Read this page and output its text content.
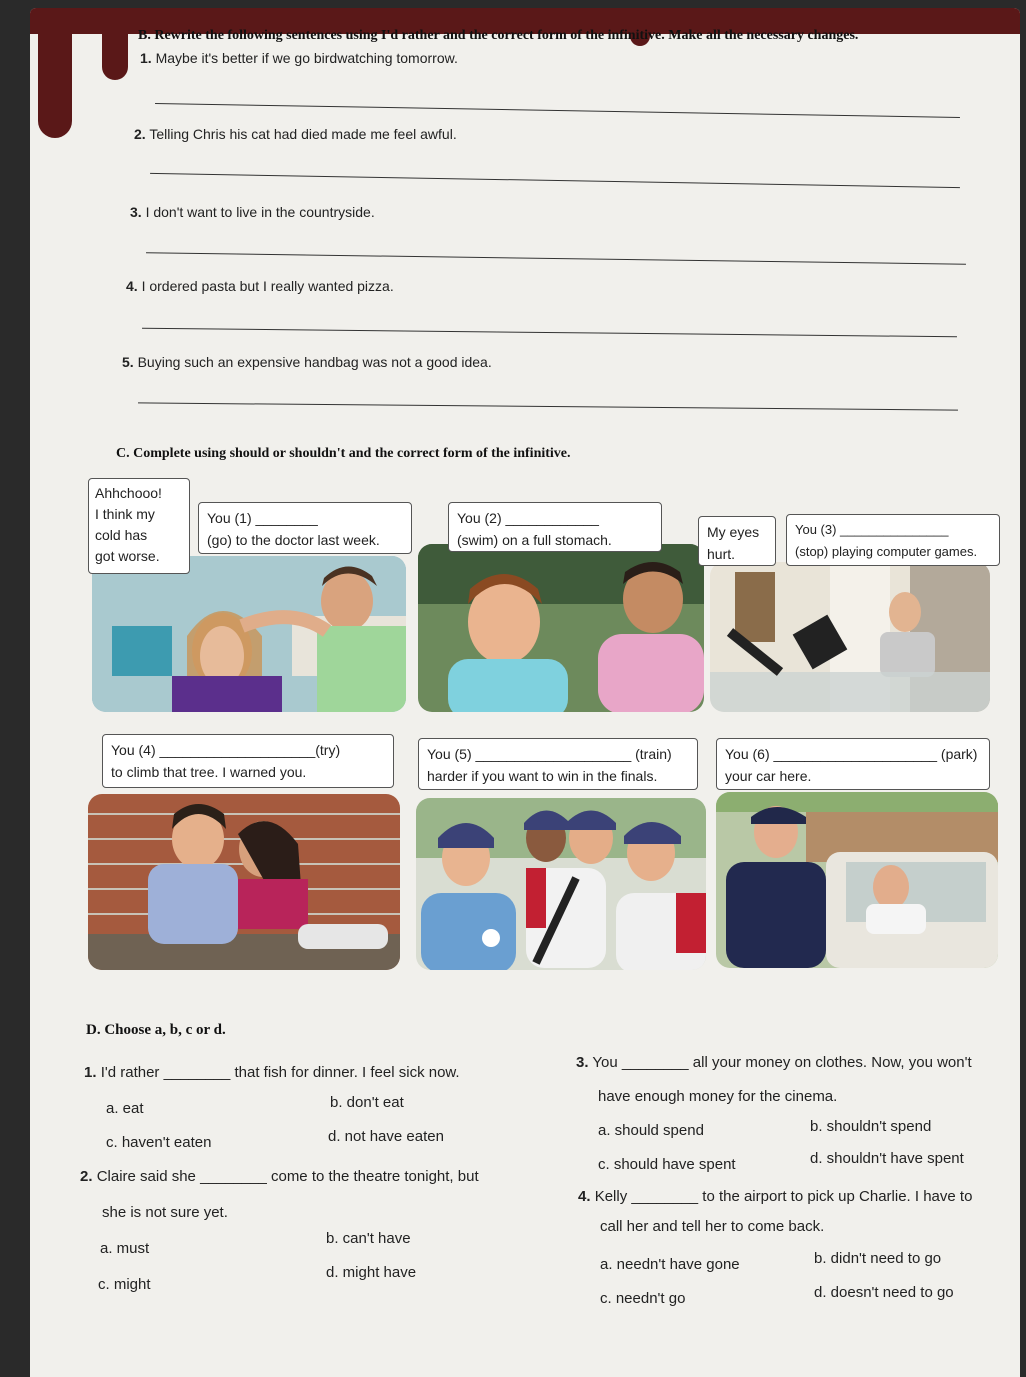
B. Rewrite the following sentences using I'd rather and the correct form of the infinitive. Make all the necessary changes.
1. Maybe it's better if we go birdwatching tomorrow.
2. Telling Chris his cat had died made me feel awful.
3. I don't want to live in the countryside.
4. I ordered pasta but I really wanted pizza.
5. Buying such an expensive handbag was not a good idea.
C. Complete using should or shouldn't and the correct form of the infinitive.
Ahhchooo!
I think my
cold has
got worse.
You (1) ________
(go) to the doctor last week.
You (2) ____________
(swim) on a full stomach.	My eyes
hurt.
You (3) _______________
(stop) playing computer games.
You (4) ____________________(try)
to climb that tree. I warned you.
You (5) ____________________ (train)
harder if you want to win in the finals.
You (6) _____________________ (park)
your car here.
D. Choose a, b, c or d.
1. I'd rather ________ that fish for dinner. I feel sick now.
a. eat	b. don't eat
c. haven't eaten	d. not have eaten
2. Claire said she ________ come to the theatre tonight, but
she is not sure yet.
a. must
b. can't have
c. might
d. might have
3. You ________ all your money on clothes. Now, you won't
have enough money for the cinema.
a. should spend	b. shouldn't spend
c. should have spent	d. shouldn't have spent
4. Kelly ________ to the airport to pick up Charlie. I have to
call her and tell her to come back.
a. needn't have gone	b. didn't need to go
c. needn't go	d. doesn't need to go
